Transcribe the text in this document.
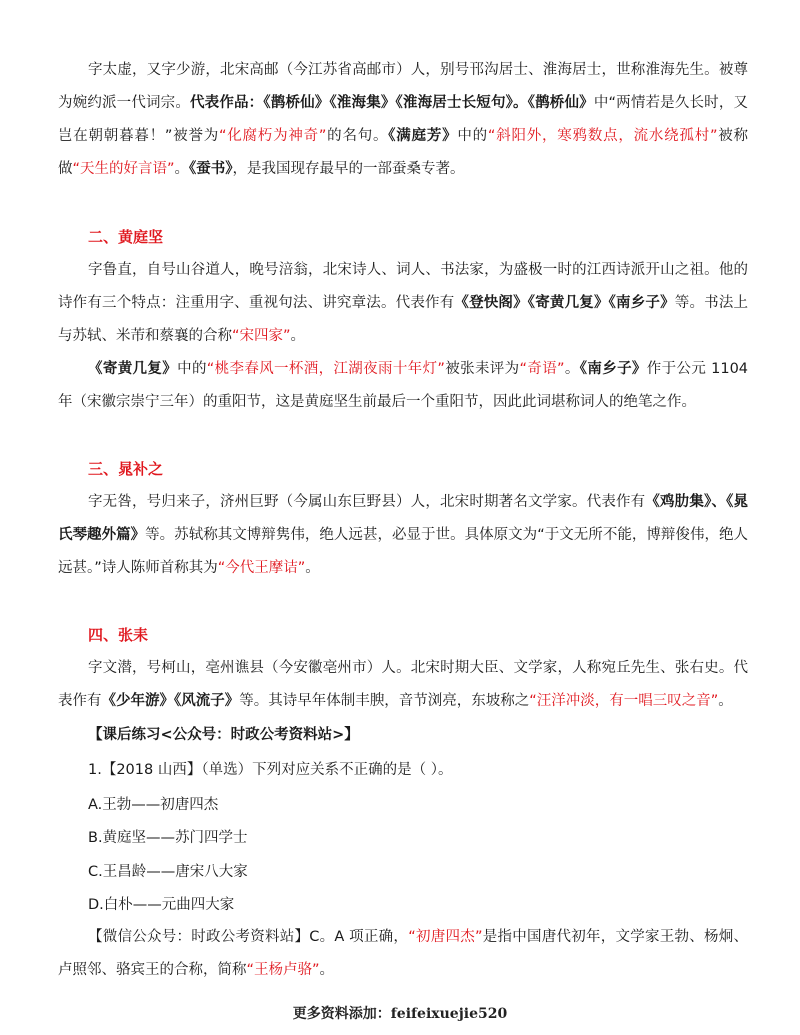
字太虚，又字少游，北宋高邮（今江苏省高邮市）人，别号邗沟居士、淮海居士，世称淮海先生。被尊为婉约派一代词宗。代表作品：《鹊桥仙》《淮海集》《淮海居士长短句》。《鹊桥仙》中“两情若是久长时，又岂在朝朝暮暮！”被誉为“化腐朽为神奇”的名句。《满庭芳》中的“斜阳外，寒鸦数点，流水绕孤村”被称做“天生的好言语”。《蚕书》，是我国现存最早的一部蚕桑专著。

二、黄庭坚

字鲁直，自号山谷道人，晚号涪翁，北宋诗人、词人、书法家，为盛极一时的江西诗派开山之祖。他的诗作有三个特点：注重用字、重视句法、讲究章法。代表作有《登快阁》《寄黄几复》《南乡子》等。书法上与苏轼、米芾和蔡襄的合称“宋四家”。

《寄黄几复》中的“桃李春风一杯酒，江湖夜雨十年灯”被张耒评为“奇语”。《南乡子》作于公元 1104 年（宋徽宗崇宁三年）的重阳节，这是黄庭坚生前最后一个重阳节，因此此词堪称词人的绝笔之作。

三、晁补之

字无咎，号归来子，济州巨野（今属山东巨野县）人，北宋时期著名文学家。代表作有《鸡肋集》、《晁氏琴趣外篇》等。苏轼称其文博辩隽伟，绝人远甚，必显于世。具体原文为“于文无所不能，博辩俊伟，绝人远甚。”诗人陈师首称其为“今代王摩诘”。

四、张耒

字文潜，号柯山，亳州谯县（今安徽亳州市）人。北宋时期大臣、文学家，人称宛丘先生、张右史。代表作有《少年游》《风流子》等。其诗早年体制丰腴，音节浏亮，东坡称之“汪洋冲淡，有一唱三叹之音”。

【课后练习<公众号：时政公考资料站>】
1.【2018 山西】（单选）下列对应关系不正确的是（ ）。
A.王勃——初唐四杰
B.黄庭坚——苏门四学士
C.王昌龄——唐宋八大家
D.白朴——元曲四大家

【微信公众号：时政公考资料站】C。A 项正确，“初唐四杰”是指中国唐代初年，文学家王勃、杨炯、卢照邻、骆宾王的合称，简称“王杨卢骆”。

更多资料添加：feifeixuejie520
